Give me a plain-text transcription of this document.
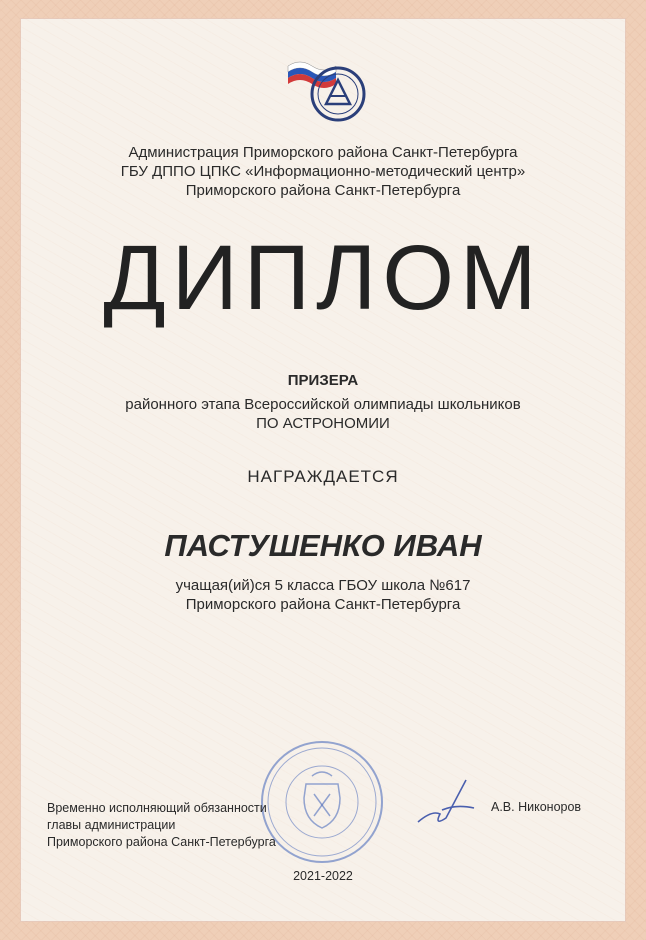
Администрация Приморского района Санкт-Петербурга
ГБУ ДППО ЦПКС «Информационно-методический центр»
Приморского района Санкт-Петербурга
ДИПЛОМ
ПРИЗЕРА
районного этапа Всероссийской олимпиады школьников
ПО АСТРОНОМИИ
НАГРАЖДАЕТСЯ
ПАСТУШЕНКО ИВАН
учащая(ий)ся 5 класса ГБОУ школа №617
Приморского района Санкт-Петербурга
Временно исполняющий обязанности
главы администрации
Приморского района Санкт-Петербурга
А.В. Никоноров
2021-2022
